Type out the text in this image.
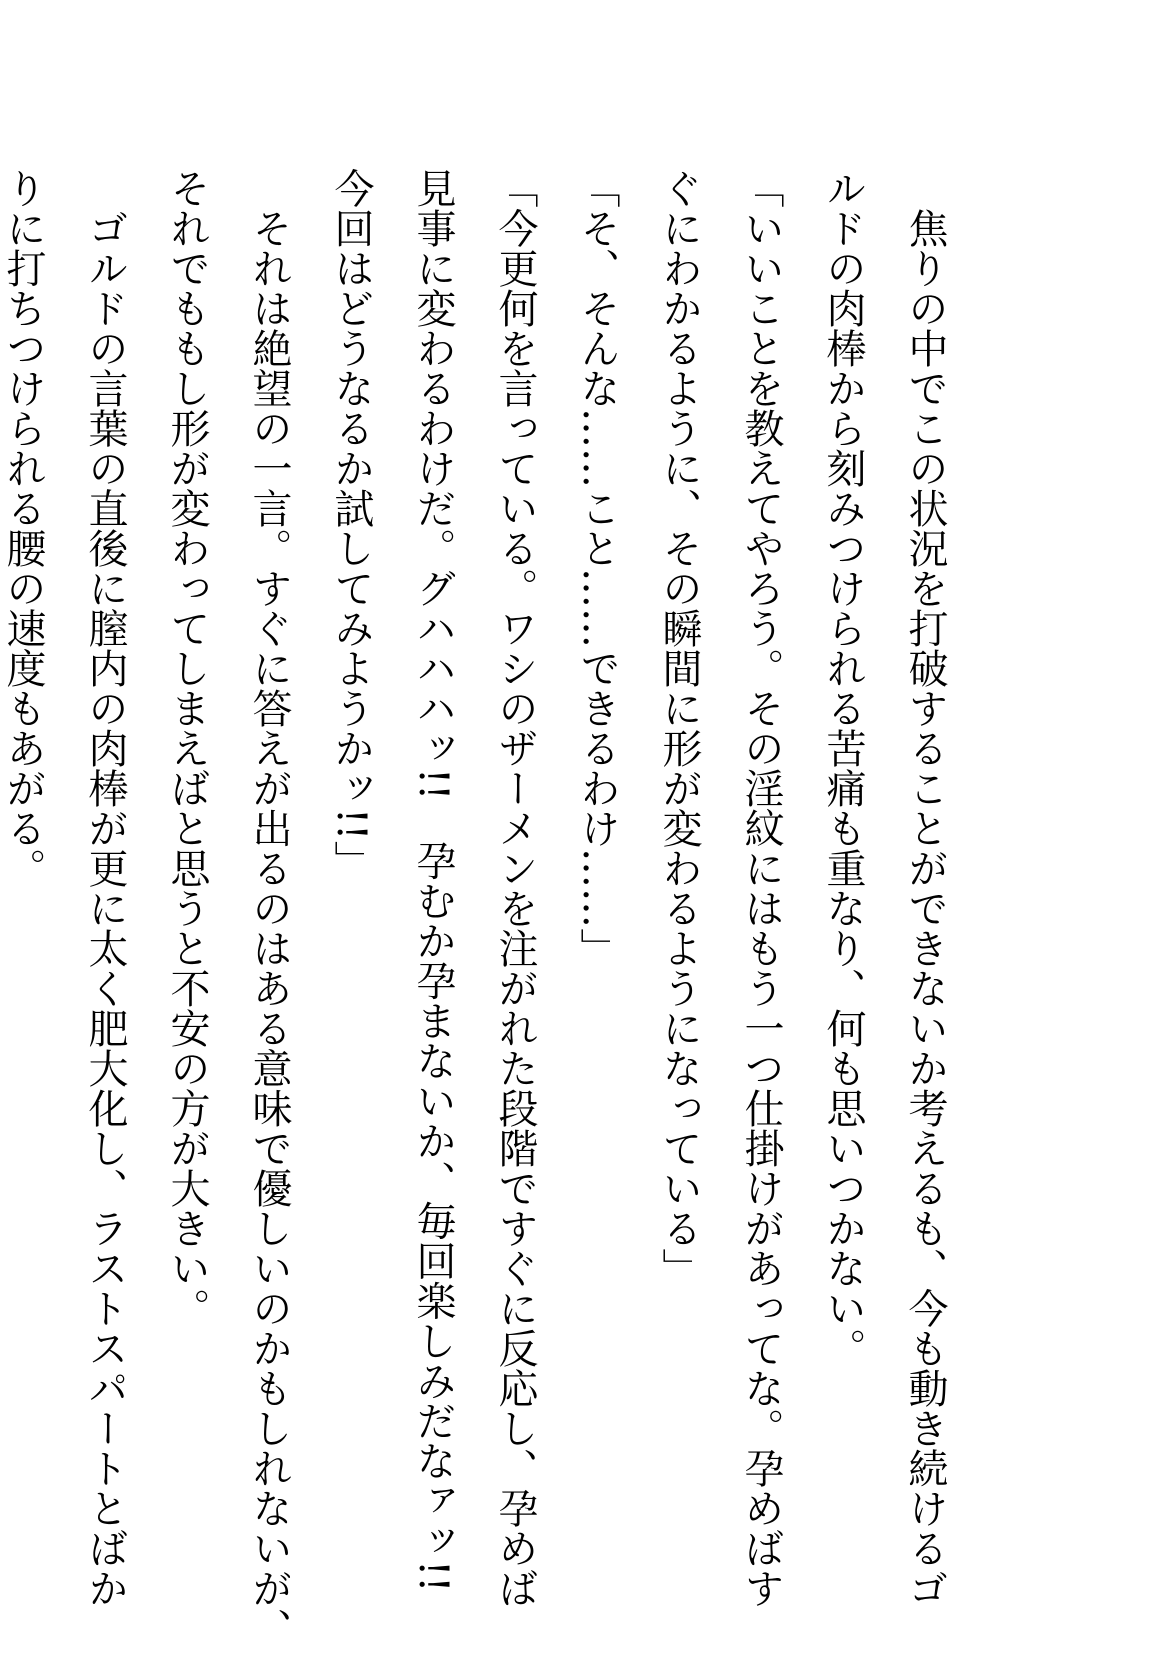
　焦りの中でこの状況を打破することができないか考えるも、今も動き続けるゴ
ルドの肉棒から刻みつけられる苦痛も重なり、何も思いつかない。
「いいことを教えてやろう。その淫紋にはもう一つ仕掛けがあってな。孕めばす
ぐにわかるように、その瞬間に形が変わるようになっている」
「そ、そんな……こと……できるわけ……」
「今更何を言っている。ワシのザーメンを注がれた段階ですぐに反応し、孕めば
見事に変わるわけだ。グハハハッ!!　孕むか孕まないか、毎回楽しみだなァッ!!
今回はどうなるか試してみようかッ!!」
　それは絶望の一言。すぐに答えが出るのはある意味で優しいのかもしれないが、
それでももし形が変わってしまえばと思うと不安の方が大きい。
　ゴルドの言葉の直後に膣内の肉棒が更に太く肥大化し、ラストスパートとばか
りに打ちつけられる腰の速度もあがる。
